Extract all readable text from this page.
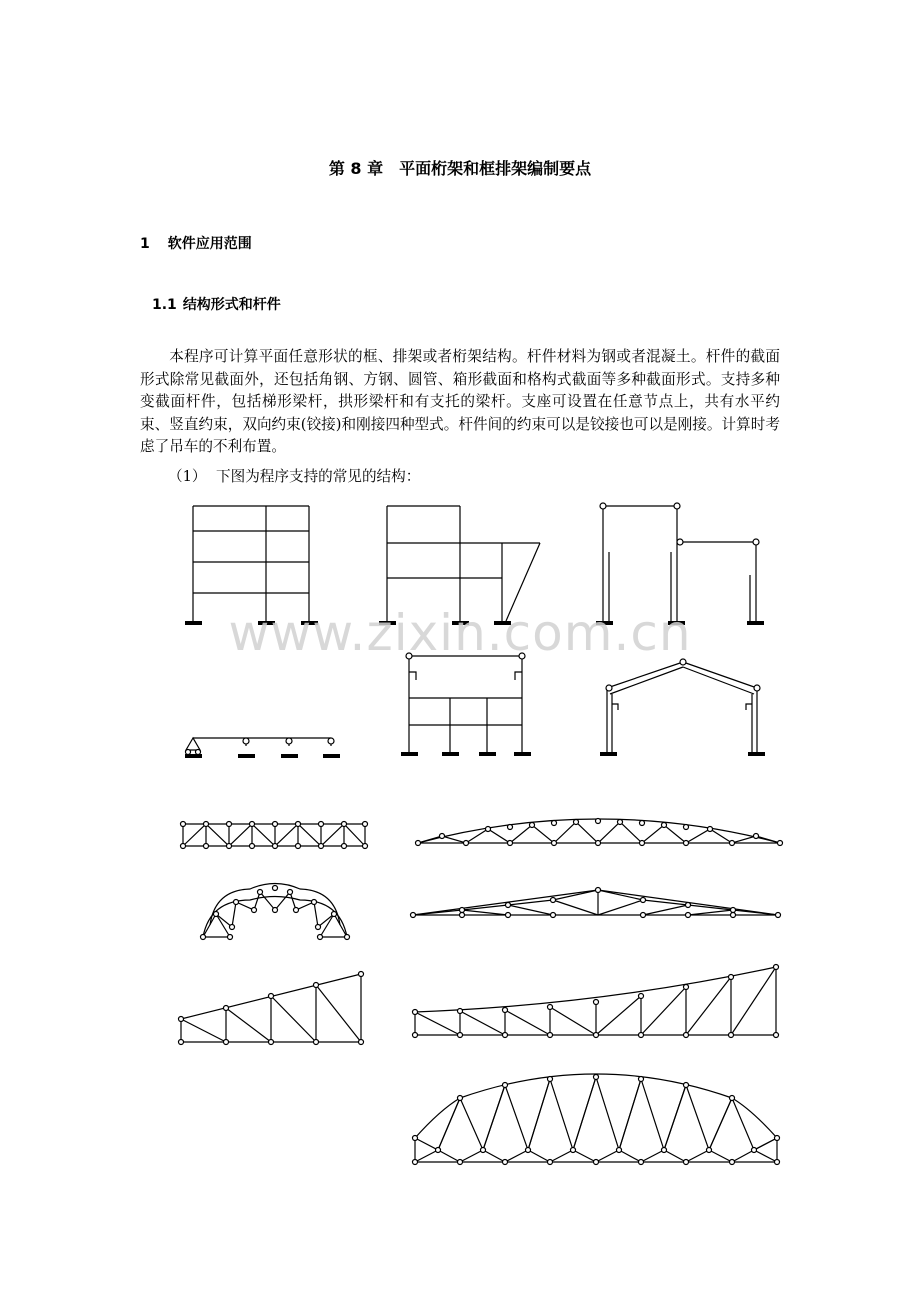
第 8 章　平面桁架和框排架编制要点
1 软件应用范围
1.1 结构形式和杆件

本程序可计算平面任意形状的框、排架或者桁架结构。杆件材料为钢或者混凝土。杆件的截面形式除常见截面外，还包括角钢、方钢、圆管、箱形截面和格构式截面等多种截面形式。支持多种变截面杆件，包括梯形梁杆，拱形梁杆和有支托的梁杆。支座可设置在任意节点上，共有水平约束、竖直约束，双向约束(铰接)和刚接四种型式。杆件间的约束可以是铰接也可以是刚接。计算时考虑了吊车的不利布置。

（1） 下图为程序支持的常见的结构：

www.zixin.com.cn
